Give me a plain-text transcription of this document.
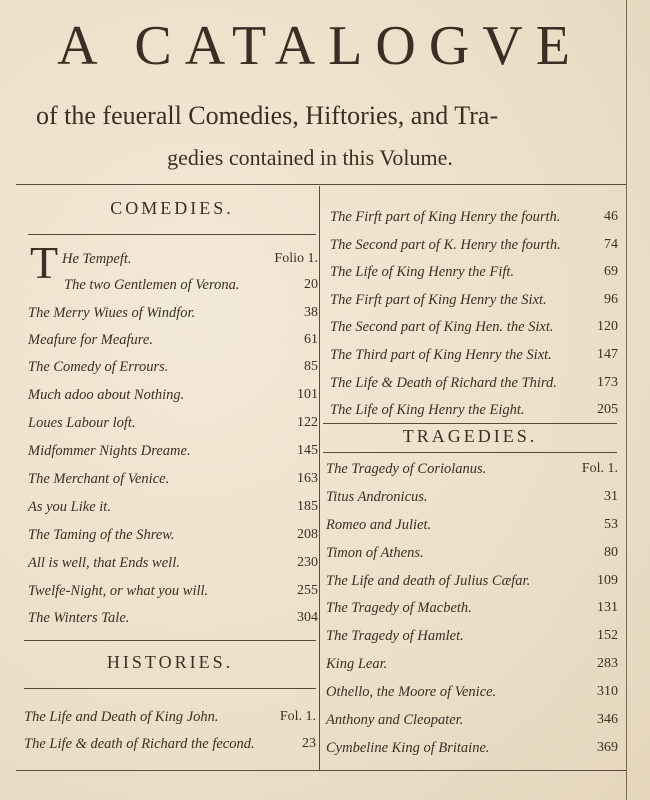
A CATALOGVE
of the feuerall Comedies, Hiftories, and Tra-
gedies contained in this Volume.
COMEDIES.
HISTORIES.
TRAGEDIES.
T He Tempeft.	Folio 1.
The two Gentlemen of Verona.	20
The Merry Wiues of Windfor.	38
Meafure for Meafure.	61
The Comedy of Errours.	85
Much adoo about Nothing.	101
Loues Labour loft.	122
Midfommer Nights Dreame.	145
The Merchant of Venice.	163
As you Like it.	185
The Taming of the Shrew.	208
All is well, that Ends well.	230
Twelfe-Night, or what you will.	255
The Winters Tale.	304
The Life and Death of King John.	Fol. 1.
The Life & death of Richard the fecond.	23
The Firft part of King Henry the fourth.	46
The Second part of K. Henry the fourth.	74
The Life of King Henry the Fift.	69
The Firft part of King Henry the Sixt.	96
The Second part of King Hen. the Sixt.	120
The Third part of King Henry the Sixt.	147
The Life & Death of Richard the Third.	173
The Life of King Henry the Eight.	205
The Tragedy of Coriolanus.	Fol. 1.
Titus Andronicus.	31
Romeo and Juliet.	53
Timon of Athens.	80
The Life and death of Julius Cæfar.	109
The Tragedy of Macbeth.	131
The Tragedy of Hamlet.	152
King Lear.	283
Othello, the Moore of Venice.	310
Anthony and Cleopater.	346
Cymbeline King of Britaine.	369
